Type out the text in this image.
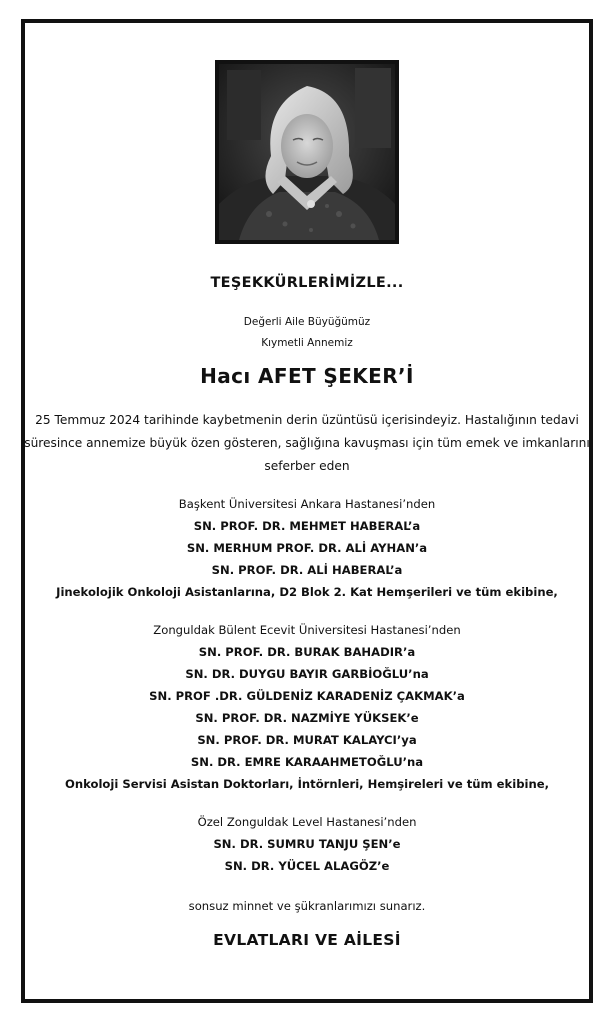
TEŞEKKÜRLERİMİZLE...
Değerli Aile Büyüğümüz
Kıymetli Annemiz
Hacı AFET ŞEKER’İ
25 Temmuz 2024 tarihinde kaybetmenin derin üzüntüsü içerisindeyiz. Hastalığının tedavi
süresince annemize büyük özen gösteren, sağlığına kavuşması için tüm emek ve imkanlarını
seferber eden
Başkent Üniversitesi Ankara Hastanesi’nden
SN. PROF. DR. MEHMET HABERAL’a
SN. MERHUM PROF. DR. ALİ AYHAN’a
SN. PROF. DR. ALİ HABERAL’a
Jinekolojik Onkoloji Asistanlarına, D2 Blok 2. Kat Hemşerileri ve tüm ekibine,
Zonguldak Bülent Ecevit Üniversitesi Hastanesi’nden
SN. PROF. DR. BURAK BAHADIR’a
SN. DR. DUYGU BAYIR GARBİOĞLU’na
SN. PROF .DR. GÜLDENİZ KARADENİZ ÇAKMAK’a
SN. PROF. DR. NAZMİYE YÜKSEK’e
SN. PROF. DR. MURAT KALAYCI’ya
SN. DR. EMRE KARAAHMETOĞLU’na
Onkoloji Servisi Asistan Doktorları, İntörnleri, Hemşireleri ve tüm ekibine,
Özel Zonguldak Level Hastanesi’nden
SN. DR. SUMRU TANJU ŞEN’e
SN. DR. YÜCEL ALAGÖZ’e
sonsuz minnet ve şükranlarımızı sunarız.
EVLATLARI VE AİLESİ
